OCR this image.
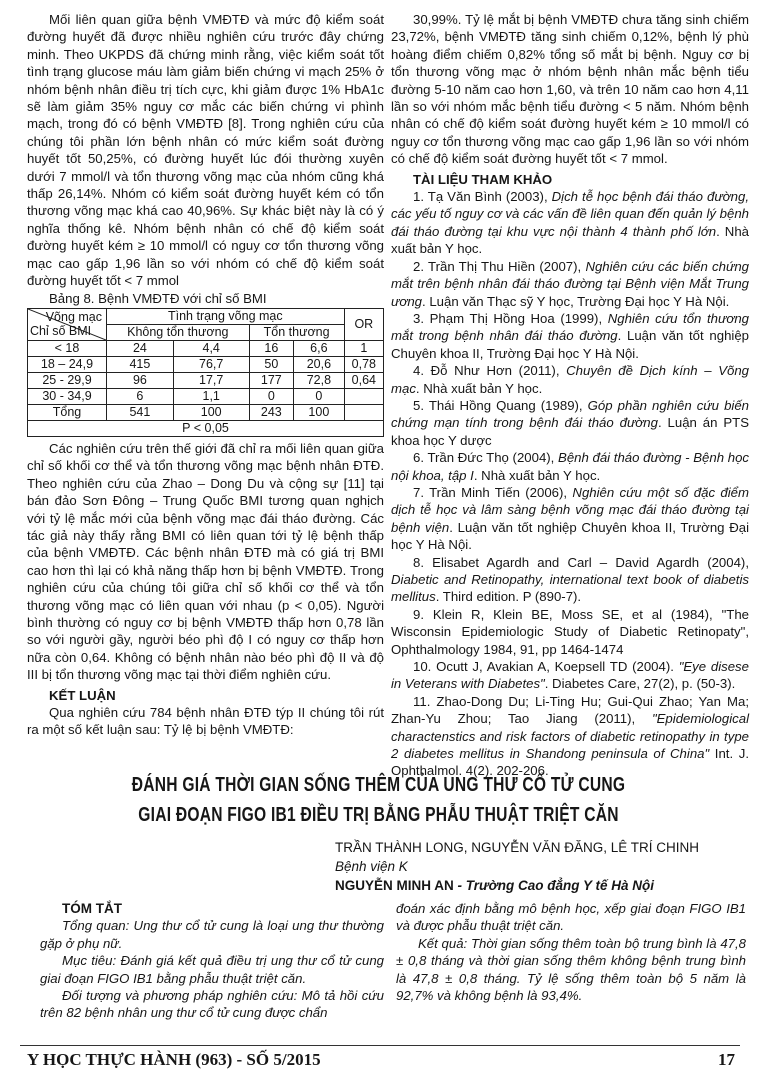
Mối liên quan giữa bệnh VMĐTĐ và mức độ kiểm soát đường huyết đã được nhiều nghiên cứu trước đây chứng minh. Theo UKPDS đã chứng minh rằng, việc kiểm soát tốt tình trạng glucose máu làm giảm biến chứng vi mạch 25% ở nhóm bệnh nhân điều trị tích cực, khi giảm được 1% HbA1c sẽ làm giảm 35% nguy cơ mắc các biến chứng vi phình mạch, trong đó có bệnh VMĐTĐ [8]. Trong nghiên cứu của chúng tôi phần lớn bệnh nhân có mức kiểm soát đường huyết tốt 50,25%, có đường huyết lúc đói thường xuyên dưới 7 mmol/l và tổn thương võng mạc của nhóm cũng khá thấp 26,14%. Nhóm có kiểm soát đường huyết kém có tổn thương võng mạc khá cao 40,96%. Sự khác biệt này là có ý nghĩa thống kê. Nhóm bệnh nhân có chế độ kiểm soát đường huyết kém ≥ 10 mmol/l có nguy cơ tổn thương võng mạc cao gấp 1,96 lần so với nhóm có chế độ kiểm soát đường huyết tốt < 7 mmol

Bảng 8. Bệnh VMĐTĐ với chỉ số BMI
Võng mạc
Chỉ số BMI	Tình trạng võng mạc				OR
	Không tổn thương		Tổn thương		
< 18	24	4,4	16	6,6	1
18 – 24,9	415	76,7	50	20,6	0,78
25 - 29,9	96	17,7	177	72,8	0,64
30 - 34,9	6	1,1	0	0	
Tổng	541	100	243	100	
P < 0,05					

Các nghiên cứu trên thế giới đã chỉ ra mối liên quan giữa chỉ số khối cơ thể và tổn thương võng mạc bệnh nhân ĐTĐ. Theo nghiên cứu của Zhao – Dong Du và cộng sự [11] tại bán đảo Sơn Đông – Trung Quốc BMI tương quan nghịch với tỷ lệ mắc mới của bệnh võng mạc đái tháo đường. Các tác giả này thấy rằng BMI có liên quan tới tỷ lệ bệnh thấp của bệnh VMĐTĐ. Các bệnh nhân ĐTĐ mà có giá trị BMI cao hơn thì lại có khả năng thấp hơn bị bệnh VMĐTĐ. Trong nghiên cứu của chúng tôi giữa chỉ số khối cơ thể và tổn thương võng mạc có liên quan với nhau (p < 0,05). Người bình thường có nguy cơ bị bệnh VMĐTĐ thấp hơn 0,78 lần so với người gầy, người béo phì độ I có nguy cơ thấp hơn nữa còn 0,64. Không có bệnh nhân nào béo phì độ II và độ III bị tổn thương võng mạc tại thời điểm nghiên cứu.

KẾT LUẬN

Qua nghiên cứu 784 bệnh nhân ĐTĐ týp II chúng tôi rút ra một số kết luận sau: Tỷ lệ bị bệnh VMĐTĐ:

30,99%. Tỷ lệ mắt bị bệnh VMĐTĐ chưa tăng sinh chiếm 23,72%, bệnh VMĐTĐ tăng sinh chiếm 0,12%, bệnh lý phù hoàng điểm chiếm 0,82% tổng số mắt bị bệnh. Nguy cơ bị tổn thương võng mạc ở nhóm bệnh nhân mắc bệnh tiểu đường 5-10 năm cao hơn 1,60, và trên 10 năm cao hơn 4,11 lần so với nhóm mắc bệnh tiểu đường < 5 năm. Nhóm bệnh nhân có chế độ kiểm soát đường huyết kém ≥ 10 mmol/l có nguy cơ tổn thương võng mạc cao gấp 1,96 lần so với nhóm có chế độ kiểm soát đường huyết tốt < 7 mmol.

TÀI LIỆU THAM KHẢO

1. Tạ Văn Bình (2003), Dịch tễ học bệnh đái tháo đường, các yếu tố nguy cơ và các vấn đề liên quan đến quản lý bệnh đái tháo đường tại khu vực nội thành 4 thành phố lớn. Nhà xuất bản Y học.

2. Trần Thị Thu Hiền (2007), Nghiên cứu các biến chứng mắt trên bệnh nhân đái tháo đường tại Bệnh viện Mắt Trung ương. Luận văn Thạc sỹ Y học, Trường Đại học Y Hà Nội.

3. Phạm Thị Hồng Hoa (1999), Nghiên cứu tổn thương mắt trong bệnh nhân đái tháo đường. Luận văn tốt nghiệp Chuyên khoa II, Trường Đại học Y Hà Nội.

4. Đỗ Như Hơn (2011), Chuyên đề Dịch kính – Võng mạc. Nhà xuất bản Y học.

5. Thái Hồng Quang (1989), Góp phần nghiên cứu biến chứng mạn tính trong bệnh đái tháo đường. Luận án PTS khoa học Y dược

6. Trần Đức Thọ (2004), Bệnh đái tháo đường - Bệnh học nội khoa, tập I. Nhà xuất bản Y học.

7. Trần Minh Tiến (2006), Nghiên cứu một số đặc điểm dịch tễ học và lâm sàng bệnh võng mạc đái tháo đường tại bệnh viện. Luận văn tốt nghiệp Chuyên khoa II, Trường Đại học Y Hà Nội.

8. Elisabet Agardh and Carl – David Agardh (2004), Diabetic and Retinopathy, international text book of diabetis mellitus. Third edition. P (890-7).

9. Klein R, Klein BE, Moss SE, et al (1984), "The Wisconsin Epidemiologic Study of Diabetic Retinopaty", Ophthalmology 1984, 91, pp 1464-1474

10. Ocutt J, Avakian A, Koepsell TD (2004). "Eye disese in Veterans with Diabetes". Diabetes Care, 27(2), p. (50-3).

11. Zhao-Dong Du; Li-Ting Hu; Gui-Qui Zhao; Yan Ma; Zhan-Yu Zhou; Tao Jiang (2011), "Epidemiological charactenstics and risk factors of diabetic retinopathy in type 2 diabetes mellitus in Shandong peninsula of China" Int. J. Ophthalmol. 4(2). 202-206.

ĐÁNH GIÁ THỜI GIAN SỐNG THÊM CỦA UNG THƯ CỔ TỬ CUNG
GIAI ĐOẠN FIGO IB1 ĐIỀU TRỊ BẰNG PHẪU THUẬT TRIỆT CĂN
TRẦN THÀNH LONG, NGUYỄN VĂN ĐĂNG, LÊ TRÍ CHINH
Bệnh viện K
NGUYỄN MINH AN - Trường Cao đẳng Y tế Hà Nội
TÓM TẮT

Tổng quan: Ung thư cổ tử cung là loại ung thư thường gặp ở phụ nữ.

Mục tiêu: Đánh giá kết quả điều trị ung thư cổ tử cung giai đoạn FIGO IB1 bằng phẫu thuật triệt căn.

Đối tượng và phương pháp nghiên cứu: Mô tả hồi cứu trên 82 bệnh nhân ung thư cổ tử cung được chẩn

đoán xác định bằng mô bệnh học, xếp giai đoạn FIGO IB1 và được phẫu thuật triệt căn.

Kết quả: Thời gian sống thêm toàn bộ trung bình là 47,8 ± 0,8 tháng và thời gian sống thêm không bệnh trung bình là 47,8 ± 0,8 tháng. Tỷ lệ sống thêm toàn bộ 5 năm là 92,7% và không bệnh là 93,4%.

Y HỌC THỰC HÀNH (963) - SỐ 5/2015	17
